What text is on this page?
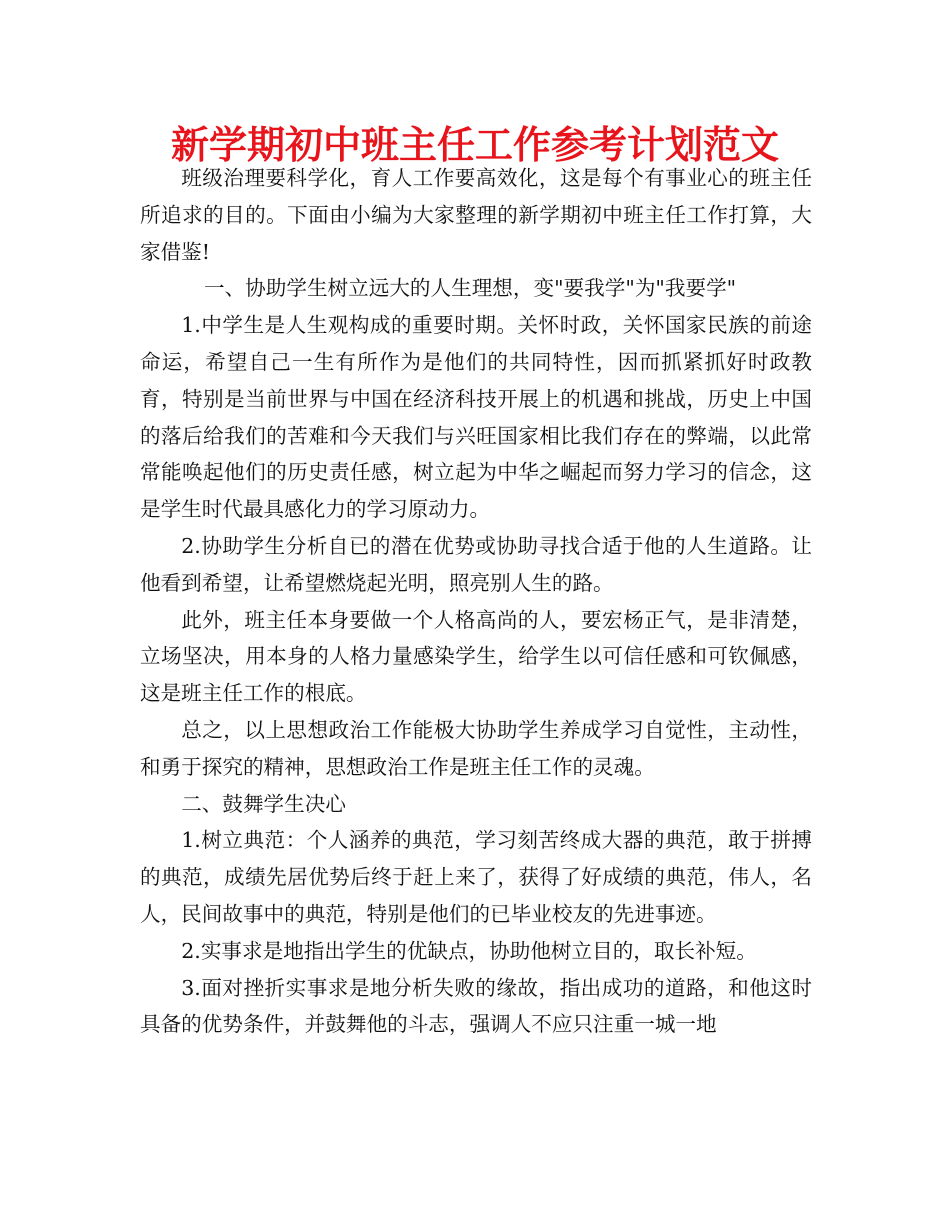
新学期初中班主任工作参考计划范文

班级治理要科学化，育人工作要高效化，这是每个有事业心的班主任所追求的目的。下面由小编为大家整理的新学期初中班主任工作打算，大家借鉴!

一、协助学生树立远大的人生理想，变"要我学"为"我要学"

1.中学生是人生观构成的重要时期。关怀时政，关怀国家民族的前途命运，希望自己一生有所作为是他们的共同特性，因而抓紧抓好时政教育，特别是当前世界与中国在经济科技开展上的机遇和挑战，历史上中国的落后给我们的苦难和今天我们与兴旺国家相比我们存在的弊端，以此常常能唤起他们的历史责任感，树立起为中华之崛起而努力学习的信念，这是学生时代最具感化力的学习原动力。

2.协助学生分析自已的潜在优势或协助寻找合适于他的人生道路。让他看到希望，让希望燃烧起光明，照亮别人生的路。

此外，班主任本身要做一个人格高尚的人，要宏杨正气，是非清楚，立场坚决，用本身的人格力量感染学生，给学生以可信任感和可钦佩感，这是班主任工作的根底。

总之，以上思想政治工作能极大协助学生养成学习自觉性，主动性，和勇于探究的精神，思想政治工作是班主任工作的灵魂。

二、鼓舞学生决心

1.树立典范：个人涵养的典范，学习刻苦终成大器的典范，敢于拼搏的典范，成绩先居优势后终于赶上来了，获得了好成绩的典范，伟人，名人，民间故事中的典范，特别是他们的已毕业校友的先进事迹。

2.实事求是地指出学生的优缺点，协助他树立目的，取长补短。

3.面对挫折实事求是地分析失败的缘故，指出成功的道路，和他这时具备的优势条件，并鼓舞他的斗志，强调人不应只注重一城一地
